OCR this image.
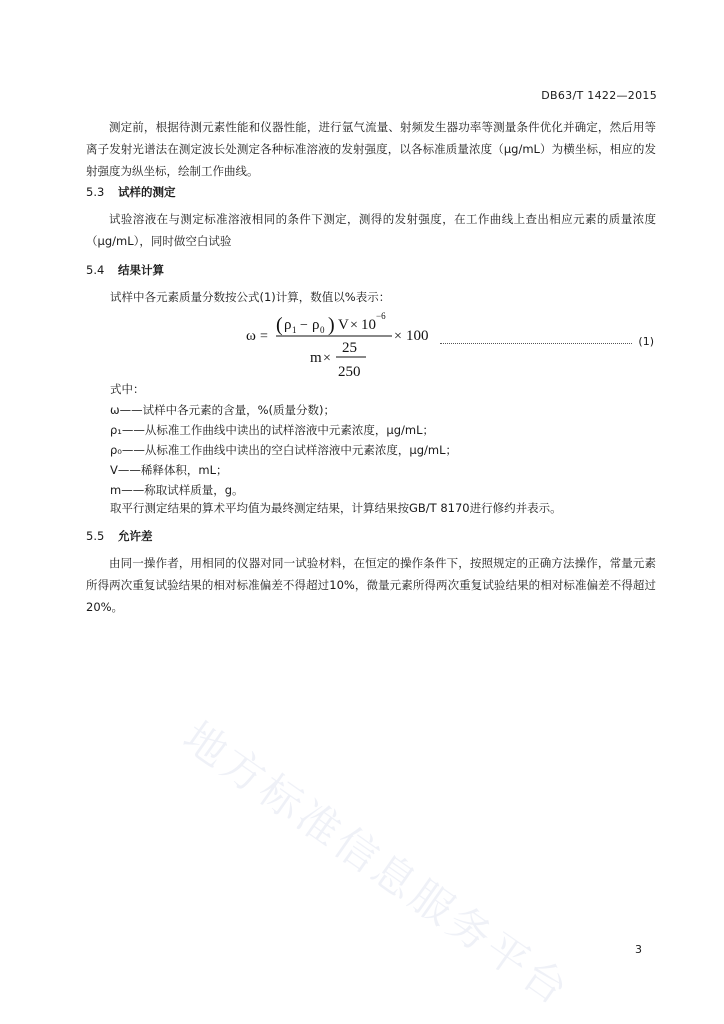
DB63/T 1422—2015
测定前，根据待测元素性能和仪器性能，进行氩气流量、射频发生器功率等测量条件优化并确定，然后用等离子发射光谱法在测定波长处测定各种标准溶液的发射强度，以各标准质量浓度（μg/mL）为横坐标，相应的发射强度为纵坐标，绘制工作曲线。
5.3 试样的测定
试验溶液在与测定标准溶液相同的条件下测定，测得的发射强度，在工作曲线上查出相应元素的质量浓度（μg/mL），同时做空白试验
5.4 结果计算
试样中各元素质量分数按公式(1)计算，数值以%表示：
ω =
( ρ 1 − ρ 0 ) V × 10
−6
× 100
m ×
25
250
(1)
式中：
ω——试样中各元素的含量，%(质量分数)；
ρ₁——从标准工作曲线中读出的试样溶液中元素浓度，μg/mL；
ρ₀——从标准工作曲线中读出的空白试样溶液中元素浓度，μg/mL；
V——稀释体积，mL；
m——称取试样质量，g。
取平行测定结果的算术平均值为最终测定结果，计算结果按GB/T 8170进行修约并表示。
5.5 允许差
由同一操作者，用相同的仪器对同一试验材料，在恒定的操作条件下，按照规定的正确方法操作，常量元素所得两次重复试验结果的相对标准偏差不得超过10%，微量元素所得两次重复试验结果的相对标准偏差不得超过20%。
地方标准信息服务平台	3
